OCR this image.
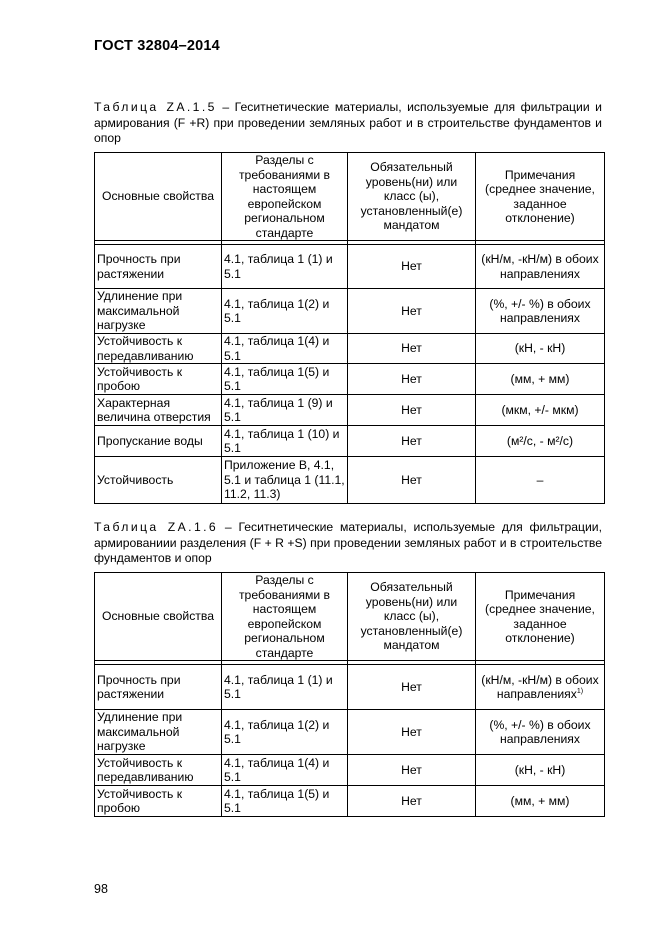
ГОСТ 32804–2014
Таблица ZA.1.5 – Геситнетические материалы, используемые для фильтрации и армирования (F +R) при проведении земляных работ и в строительстве фундаментов и опор
Основные свойства	Разделы с требованиями в настоящем европейском региональном стандарте	Обязательный уровень(ни) или класс (ы), установленный(е) мандатом	Примечания (среднее значение, заданное отклонение)

Прочность при растяжении	4.1, таблица 1 (1) и 5.1	Нет	(кН/м, -кН/м) в обоих направлениях
Удлинение при максимальной нагрузке	4.1, таблица 1(2) и 5.1	Нет	(%, +/- %) в обоих направлениях
Устойчивость к передавливанию	4.1, таблица 1(4) и 5.1	Нет	(кН, - кН)
Устойчивость к пробою	4.1, таблица 1(5) и 5.1	Нет	(мм, + мм)
Характерная величина отверстия	4.1, таблица 1 (9) и 5.1	Нет	(мкм, +/- мкм)
Пропускание воды	4.1, таблица 1 (10) и 5.1	Нет	(м²/с, - м²/с)
Устойчивость	Приложение В, 4.1, 5.1 и таблица 1 (11.1, 11.2, 11.3)	Нет	–
Таблица ZA.1.6 – Геситнетические материалы, используемые для фильтрации, армированиии разделения (F + R +S) при проведении земляных работ и в строительстве фундаментов и опор
Основные свойства	Разделы с требованиями в настоящем европейском региональном стандарте	Обязательный уровень(ни) или класс (ы), установленный(е) мандатом	Примечания (среднее значение, заданное отклонение)

Прочность при растяжении	4.1, таблица 1 (1) и 5.1	Нет	(кН/м, -кН/м) в обоих направлениях$^{1)}$
Удлинение при максимальной нагрузке	4.1, таблица 1(2) и 5.1	Нет	(%, +/- %) в обоих направлениях
Устойчивость к передавливанию	4.1, таблица 1(4) и 5.1	Нет	(кН, - кН)
Устойчивость к пробою	4.1, таблица 1(5) и 5.1	Нет	(мм, + мм)
98
